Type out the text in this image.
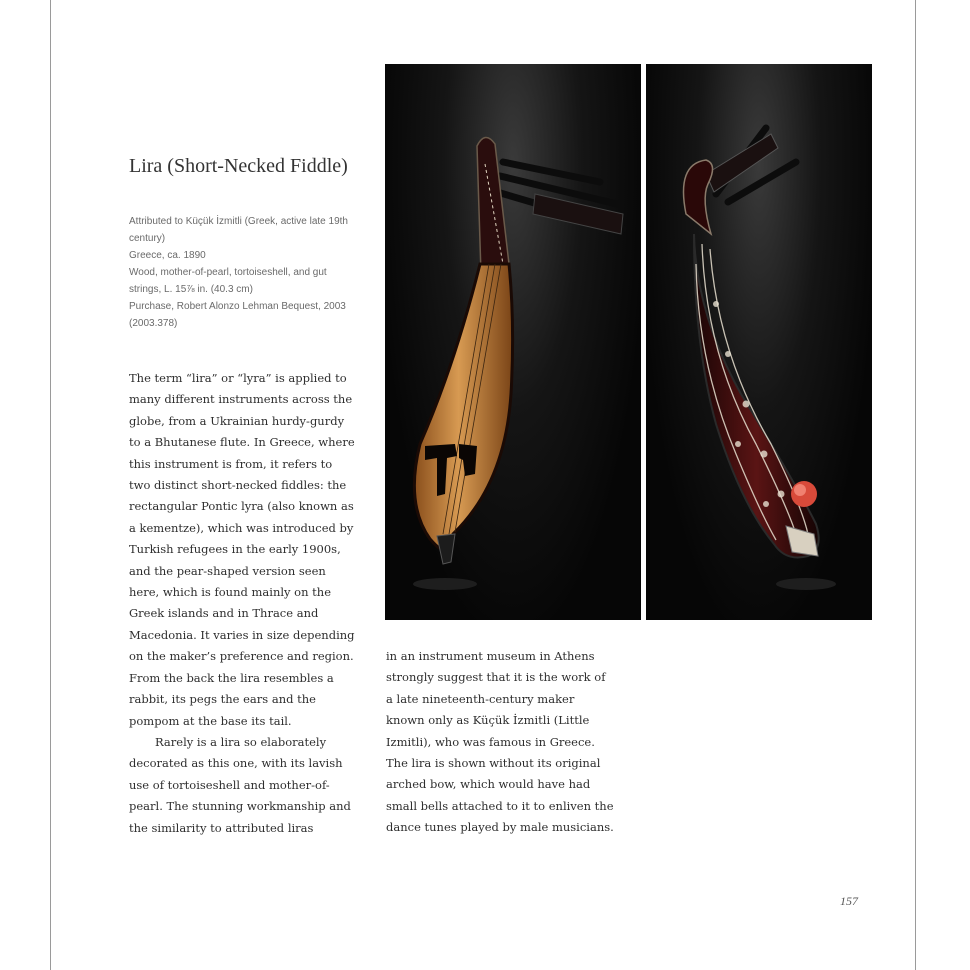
Lira (Short-Necked Fiddle)
Attributed to Küçük İzmitli (Greek, active late 19th century)
Greece, ca. 1890
Wood, mother-of-pearl, tortoiseshell, and gut strings, L. 15⅞ in. (40.3 cm)
Purchase, Robert Alonzo Lehman Bequest, 2003
(2003.378)

The term “lira” or “lyra” is applied to many different instruments across the globe, from a Ukrainian hurdy-gurdy to a Bhutanese flute. In Greece, where this instrument is from, it refers to two distinct short-necked fiddles: the rectangular Pontic lyra (also known as a kementze), which was introduced by Turkish refugees in the early 1900s, and the pear-shaped version seen here, which is found mainly on the Greek islands and in Thrace and Macedonia. It varies in size depending on the maker’s preference and region. From the back the lira resembles a rabbit, its pegs the ears and the pompom at the base its tail.

Rarely is a lira so elaborately decorated as this one, with its lavish use of tortoiseshell and mother-of-pearl. The stunning workmanship and the similarity to attributed liras

in an instrument museum in Athens strongly suggest that it is the work of a late nineteenth-century maker known only as Küçük İzmitli (Little Izmitli), who was famous in Greece. The lira is shown without its original arched bow, which would have had small bells attached to it to enliven the dance tunes played by male musicians.

157
